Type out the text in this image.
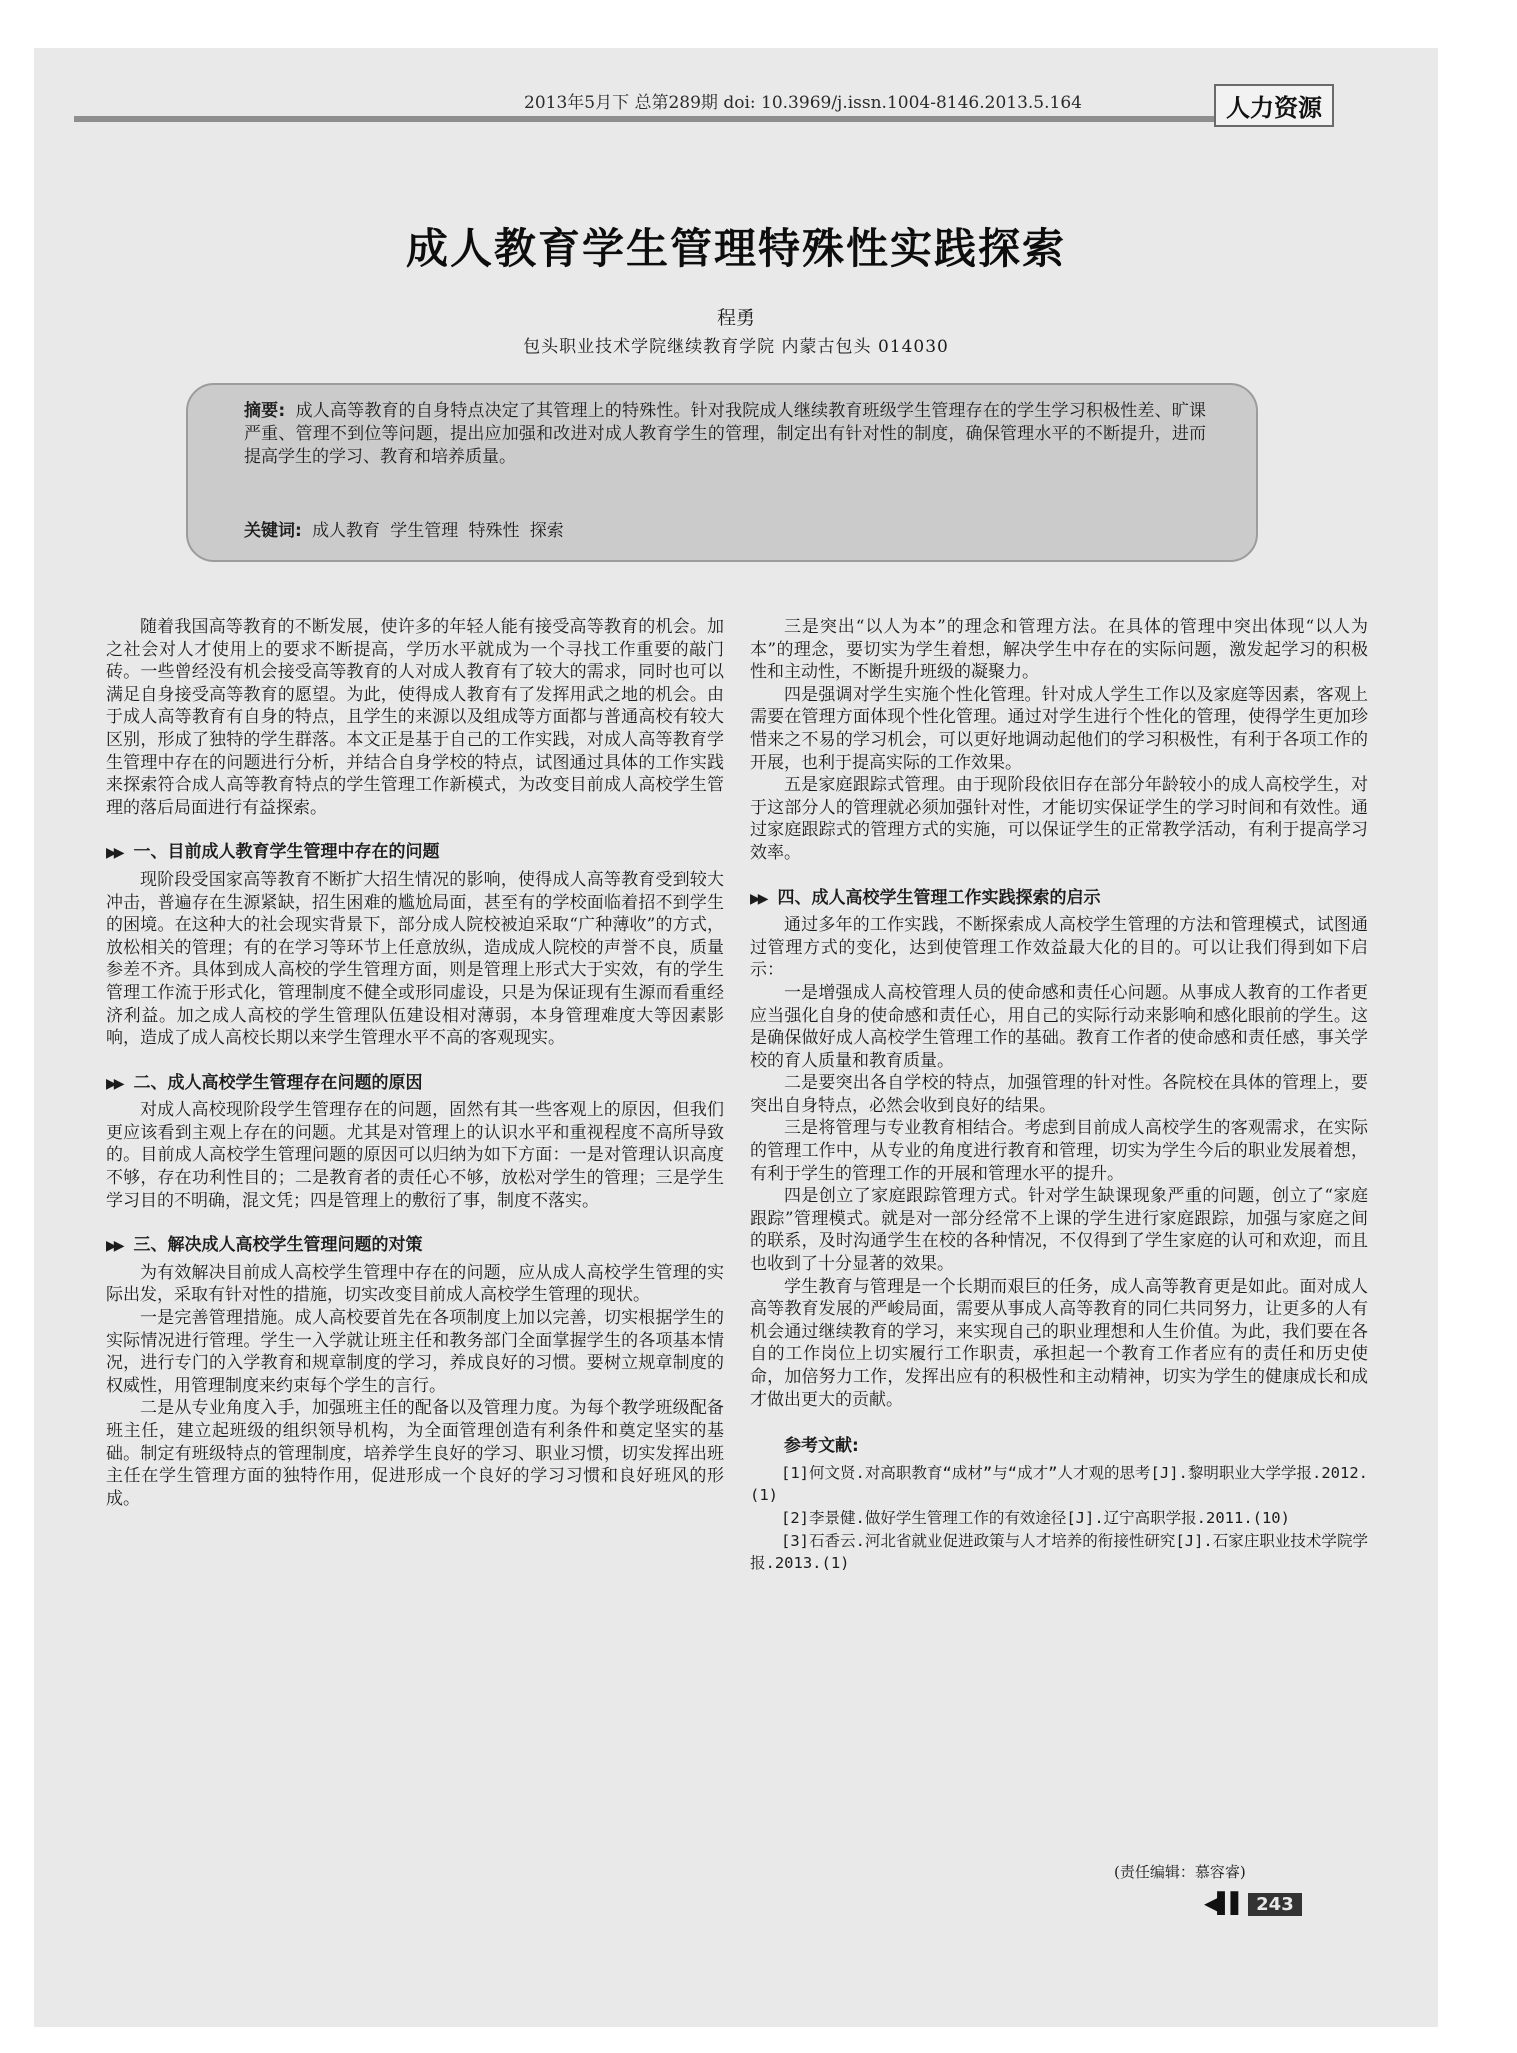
2013年5月下 总第289期 doi: 10.3969/j.issn.1004-8146.2013.5.164	人力资源
成人教育学生管理特殊性实践探索
程勇
包头职业技术学院继续教育学院 内蒙古包头 014030
摘要: 成人高等教育的自身特点决定了其管理上的特殊性。针对我院成人继续教育班级学生管理存在的学生学习积极性差、旷课严重、管理不到位等问题，提出应加强和改进对成人教育学生的管理，制定出有针对性的制度，确保管理水平的不断提升，进而提高学生的学习、教育和培养质量。
关键词: 成人教育 学生管理 特殊性 探索

随着我国高等教育的不断发展，使许多的年轻人能有接受高等教育的机会。加之社会对人才使用上的要求不断提高，学历水平就成为一个寻找工作重要的敲门砖。一些曾经没有机会接受高等教育的人对成人教育有了较大的需求，同时也可以满足自身接受高等教育的愿望。为此，使得成人教育有了发挥用武之地的机会。由于成人高等教育有自身的特点，且学生的来源以及组成等方面都与普通高校有较大区别，形成了独特的学生群落。本文正是基于自己的工作实践，对成人高等教育学生管理中存在的问题进行分析，并结合自身学校的特点，试图通过具体的工作实践来探索符合成人高等教育特点的学生管理工作新模式，为改变目前成人高校学生管理的落后局面进行有益探索。

▶▶ 一、目前成人教育学生管理中存在的问题

现阶段受国家高等教育不断扩大招生情况的影响，使得成人高等教育受到较大冲击，普遍存在生源紧缺，招生困难的尴尬局面，甚至有的学校面临着招不到学生的困境。在这种大的社会现实背景下，部分成人院校被迫采取“广种薄收”的方式，放松相关的管理；有的在学习等环节上任意放纵，造成成人院校的声誉不良，质量参差不齐。具体到成人高校的学生管理方面，则是管理上形式大于实效，有的学生管理工作流于形式化，管理制度不健全或形同虚设，只是为保证现有生源而看重经济利益。加之成人高校的学生管理队伍建设相对薄弱，本身管理难度大等因素影响，造成了成人高校长期以来学生管理水平不高的客观现实。

▶▶ 二、成人高校学生管理存在问题的原因

对成人高校现阶段学生管理存在的问题，固然有其一些客观上的原因，但我们更应该看到主观上存在的问题。尤其是对管理上的认识水平和重视程度不高所导致的。目前成人高校学生管理问题的原因可以归纳为如下方面：一是对管理认识高度不够，存在功利性目的；二是教育者的责任心不够，放松对学生的管理；三是学生学习目的不明确，混文凭；四是管理上的敷衍了事，制度不落实。

▶▶ 三、解决成人高校学生管理问题的对策

为有效解决目前成人高校学生管理中存在的问题，应从成人高校学生管理的实际出发，采取有针对性的措施，切实改变目前成人高校学生管理的现状。

一是完善管理措施。成人高校要首先在各项制度上加以完善，切实根据学生的实际情况进行管理。学生一入学就让班主任和教务部门全面掌握学生的各项基本情况，进行专门的入学教育和规章制度的学习，养成良好的习惯。要树立规章制度的权威性，用管理制度来约束每个学生的言行。

二是从专业角度入手，加强班主任的配备以及管理力度。为每个教学班级配备班主任，建立起班级的组织领导机构，为全面管理创造有利条件和奠定坚实的基础。制定有班级特点的管理制度，培养学生良好的学习、职业习惯，切实发挥出班主任在学生管理方面的独特作用，促进形成一个良好的学习习惯和良好班风的形成。

三是突出“以人为本”的理念和管理方法。在具体的管理中突出体现“以人为本”的理念，要切实为学生着想，解决学生中存在的实际问题，激发起学习的积极性和主动性，不断提升班级的凝聚力。

四是强调对学生实施个性化管理。针对成人学生工作以及家庭等因素，客观上需要在管理方面体现个性化管理。通过对学生进行个性化的管理，使得学生更加珍惜来之不易的学习机会，可以更好地调动起他们的学习积极性，有利于各项工作的开展，也利于提高实际的工作效果。

五是家庭跟踪式管理。由于现阶段依旧存在部分年龄较小的成人高校学生，对于这部分人的管理就必须加强针对性，才能切实保证学生的学习时间和有效性。通过家庭跟踪式的管理方式的实施，可以保证学生的正常教学活动，有利于提高学习效率。

▶▶ 四、成人高校学生管理工作实践探索的启示

通过多年的工作实践，不断探索成人高校学生管理的方法和管理模式，试图通过管理方式的变化，达到使管理工作效益最大化的目的。可以让我们得到如下启示：

一是增强成人高校管理人员的使命感和责任心问题。从事成人教育的工作者更应当强化自身的使命感和责任心，用自己的实际行动来影响和感化眼前的学生。这是确保做好成人高校学生管理工作的基础。教育工作者的使命感和责任感，事关学校的育人质量和教育质量。

二是要突出各自学校的特点，加强管理的针对性。各院校在具体的管理上，要突出自身特点，必然会收到良好的结果。

三是将管理与专业教育相结合。考虑到目前成人高校学生的客观需求，在实际的管理工作中，从专业的角度进行教育和管理，切实为学生今后的职业发展着想，有利于学生的管理工作的开展和管理水平的提升。

四是创立了家庭跟踪管理方式。针对学生缺课现象严重的问题，创立了“家庭跟踪”管理模式。就是对一部分经常不上课的学生进行家庭跟踪，加强与家庭之间的联系，及时沟通学生在校的各种情况，不仅得到了学生家庭的认可和欢迎，而且也收到了十分显著的效果。

学生教育与管理是一个长期而艰巨的任务，成人高等教育更是如此。面对成人高等教育发展的严峻局面，需要从事成人高等教育的同仁共同努力，让更多的人有机会通过继续教育的学习，来实现自己的职业理想和人生价值。为此，我们要在各自的工作岗位上切实履行工作职责，承担起一个教育工作者应有的责任和历史使命，加倍努力工作，发挥出应有的积极性和主动精神，切实为学生的健康成长和成才做出更大的贡献。

参考文献:

[1]何文贤.对高职教育“成材”与“成才”人才观的思考[J].黎明职业大学学报.2012.(1)

[2]李景健.做好学生管理工作的有效途径[J].辽宁高职学报.2011.(10)

[3]石香云.河北省就业促进政策与人才培养的衔接性研究[J].石家庄职业技术学院学报.2013.(1)

(责任编辑：慕容睿)
◀▌▌ 243
